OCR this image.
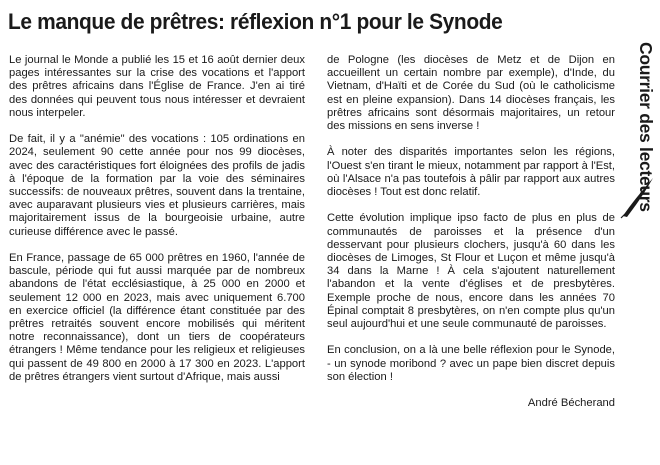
Le manque de prêtres: réflexion n°1 pour le Synode

Le journal le Monde a publié les 15 et 16 août dernier deux pages intéressantes sur la crise des vocations et l'apport des prêtres africains dans l'Église de France. J'en ai tiré des données qui peuvent tous nous intéresser et devraient nous interpeler.

De fait, il y a "anémie" des vocations : 105 ordinations en 2024, seulement 90 cette année pour nos 99 diocèses, avec des caractéristiques fort éloignées des profils de jadis à l'époque de la formation par la voie des séminaires successifs: de nouveaux prêtres, souvent dans la trentaine, avec auparavant plusieurs vies et plusieurs carrières, mais majoritairement issus de la bourgeoisie urbaine, autre curieuse différence avec le passé.

En France, passage de 65 000 prêtres en 1960, l'année de bascule, période qui fut aussi marquée par de nombreux abandons de l'état ecclésiastique, à 25 000 en 2000 et seulement 12 000 en 2023, mais avec uniquement 6.700 en exercice officiel (la différence étant constituée par des prêtres retraités souvent encore mobilisés qui méritent notre reconnaissance), dont un tiers de coopérateurs étrangers ! Même tendance pour les religieux et religieuses qui passent de 49 800 en 2000 à 17 300 en 2023. L'apport de prêtres étrangers vient surtout d'Afrique, mais aussi

de Pologne (les diocèses de Metz et de Dijon en accueillent un certain nombre par exemple), d'Inde, du Vietnam, d'Haïti et de Corée du Sud (où le catholicisme est en pleine expansion). Dans 14 diocèses français, les prêtres africains sont désormais majoritaires, un retour des missions en sens inverse !

À noter des disparités importantes selon les régions, l'Ouest s'en tirant le mieux, notamment par rapport à l'Est, où l'Alsace n'a pas toutefois à pâlir par rapport aux autres diocèses ! Tout est donc relatif.

Cette évolution implique ipso facto de plus en plus de communautés de paroisses et la présence d'un desservant pour plusieurs clochers, jusqu'à 60 dans les diocèses de Limoges, St Flour et Luçon et même jusqu'à 34 dans la Marne ! À cela s'ajoutent naturellement l'abandon et la vente d'églises et de presbytères. Exemple proche de nous, encore dans les années 70 Épinal comptait 8 presbytères, on n'en compte plus qu'un seul aujourd'hui et une seule communauté de paroisses.

En conclusion, on a là une belle réflexion pour le Synode, - un synode moribond ? avec un pape bien discret depuis son élection !

André Bécherand

Courrier des lecteurs
